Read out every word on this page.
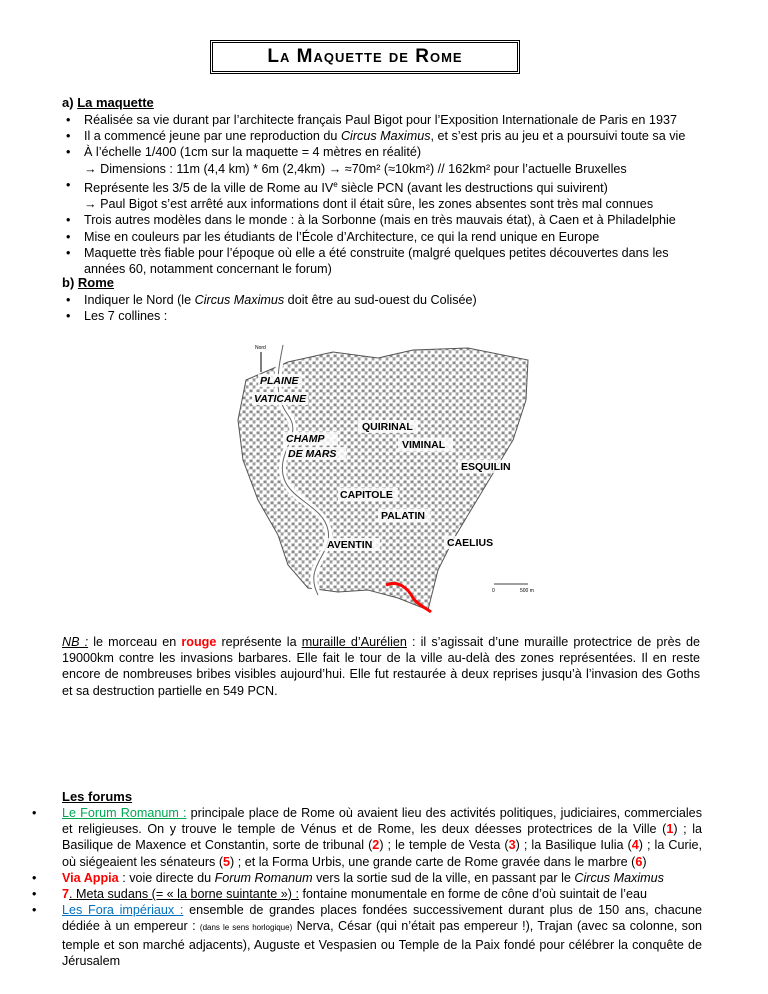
La Maquette de Rome
a) La maquette
• Réalisée sa vie durant par l’architecte français Paul Bigot pour l’Exposition Internationale de Paris en 1937
• Il a commencé jeune par une reproduction du Circus Maximus, et s’est pris au jeu et a poursuivi toute sa vie
• À l’échelle 1/400 (1cm sur la maquette = 4 mètres en réalité)
→ Dimensions : 11m (4,4 km) * 6m (2,4km) → ≈70m² (≈10km²) // 162km² pour l’actuelle Bruxelles
• Représente les 3/5 de la ville de Rome au IVe siècle PCN (avant les destructions qui suivirent)
→ Paul Bigot s’est arrêté aux informations dont il était sûre, les zones absentes sont très mal connues
• Trois autres modèles dans le monde : à la Sorbonne (mais en très mauvais état), à Caen et à Philadelphie
• Mise en couleurs par les étudiants de l’École d’Architecture, ce qui la rend unique en Europe
• Maquette très fiable pour l’époque où elle a été construite (malgré quelques petites découvertes dans les années 60, notamment concernant le forum)
b) Rome
• Indiquer le Nord (le Circus Maximus doit être au sud-ouest du Colisée)
• Les 7 collines :
Nord
0	500 m
PLAINE
VATICANE
QUIRINAL
CHAMP
DE MARS
VIMINAL
ESQUILIN
CAPITOLE
PALATIN
AVENTIN	CAELIUS
NB : le morceau en rouge représente la muraille d’Aurélien : il s’agissait d’une muraille protectrice de près de 19000km contre les invasions barbares. Elle fait le tour de la ville au-delà des zones représentées. Il en reste encore de nombreuses bribes visibles aujourd’hui. Elle fut restaurée à deux reprises jusqu’à l’invasion des Goths et sa destruction partielle en 549 PCN.
Les forums
• Le Forum Romanum : principale place de Rome où avaient lieu des activités politiques, judiciaires, commerciales et religieuses. On y trouve le temple de Vénus et de Rome, les deux déesses protectrices de la Ville (1) ; la Basilique de Maxence et Constantin, sorte de tribunal (2) ; le temple de Vesta (3) ; la Basilique Iulia (4) ; la Curie, où siégeaient les sénateurs (5) ; et la Forma Urbis, une grande carte de Rome gravée dans le marbre (6)
• Via Appia : voie directe du Forum Romanum vers la sortie sud de la ville, en passant par le Circus Maximus
• 7. Meta sudans (= « la borne suintante ») : fontaine monumentale en forme de cône d’où suintait de l’eau
• Les Fora impériaux : ensemble de grandes places fondées successivement durant plus de 150 ans, chacune dédiée à un empereur : (dans le sens horlogique) Nerva, César (qui n’était pas empereur !), Trajan (avec sa colonne, son temple et son marché adjacents), Auguste et Vespasien ou Temple de la Paix fondé pour célébrer la conquête de Jérusalem
